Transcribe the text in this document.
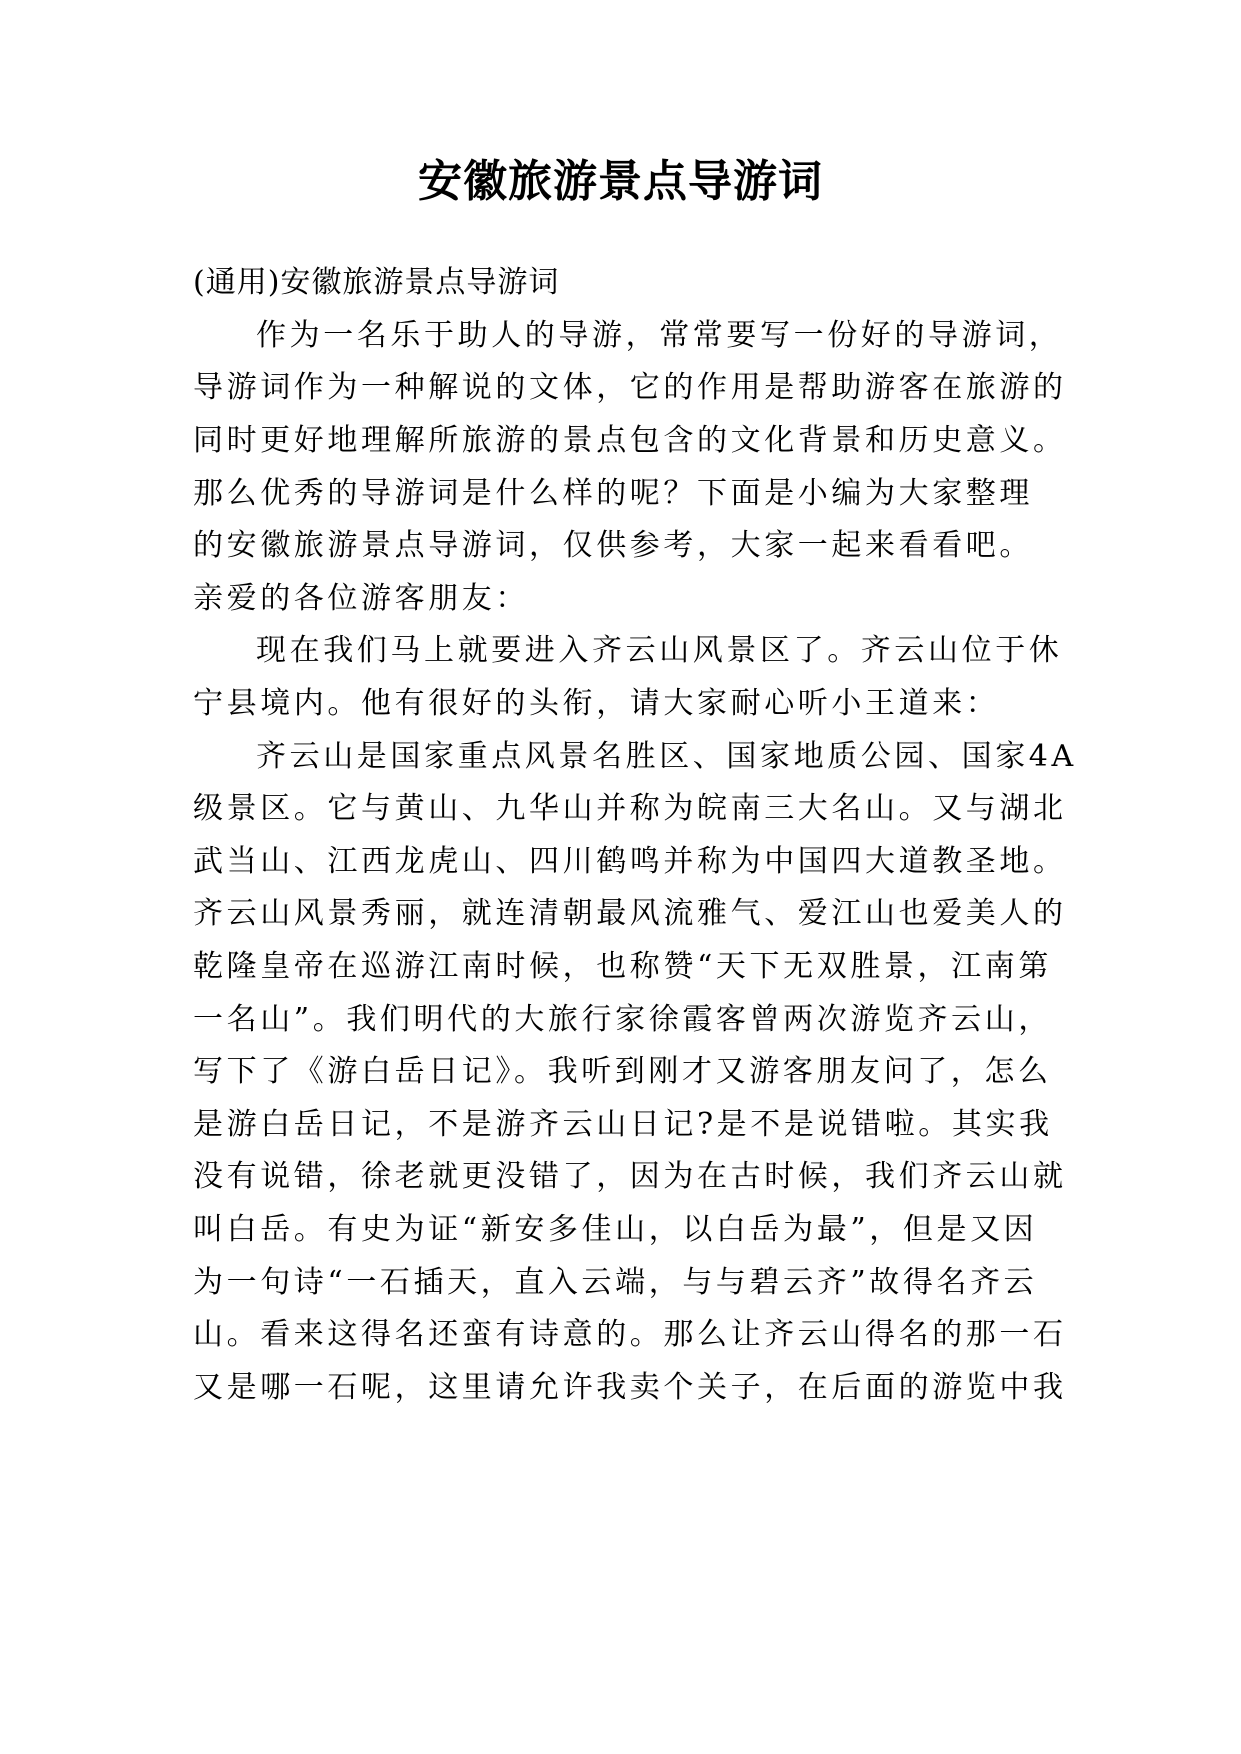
安徽旅游景点导游词
(通用)安徽旅游景点导游词
作为一名乐于助人的导游，常常要写一份好的导游词，
导游词作为一种解说的文体，它的作用是帮助游客在旅游的
同时更好地理解所旅游的景点包含的文化背景和历史意义。
那么优秀的导游词是什么样的呢？下面是小编为大家整理
的安徽旅游景点导游词，仅供参考，大家一起来看看吧。
亲爱的各位游客朋友：
现在我们马上就要进入齐云山风景区了。齐云山位于休
宁县境内。他有很好的头衔，请大家耐心听小王道来：
齐云山是国家重点风景名胜区、国家地质公园、国家4A
级景区。它与黄山、九华山并称为皖南三大名山。又与湖北
武当山、江西龙虎山、四川鹤鸣并称为中国四大道教圣地。
齐云山风景秀丽，就连清朝最风流雅气、爱江山也爱美人的
乾隆皇帝在巡游江南时候，也称赞“天下无双胜景，江南第
一名山”。我们明代的大旅行家徐霞客曾两次游览齐云山，
写下了《游白岳日记》。我听到刚才又游客朋友问了，怎么
是游白岳日记，不是游齐云山日记?是不是说错啦。其实我
没有说错，徐老就更没错了，因为在古时候，我们齐云山就
叫白岳。有史为证“新安多佳山，以白岳为最”，但是又因
为一句诗“一石插天，直入云端，与与碧云齐”故得名齐云
山。看来这得名还蛮有诗意的。那么让齐云山得名的那一石
又是哪一石呢，这里请允许我卖个关子，在后面的游览中我
